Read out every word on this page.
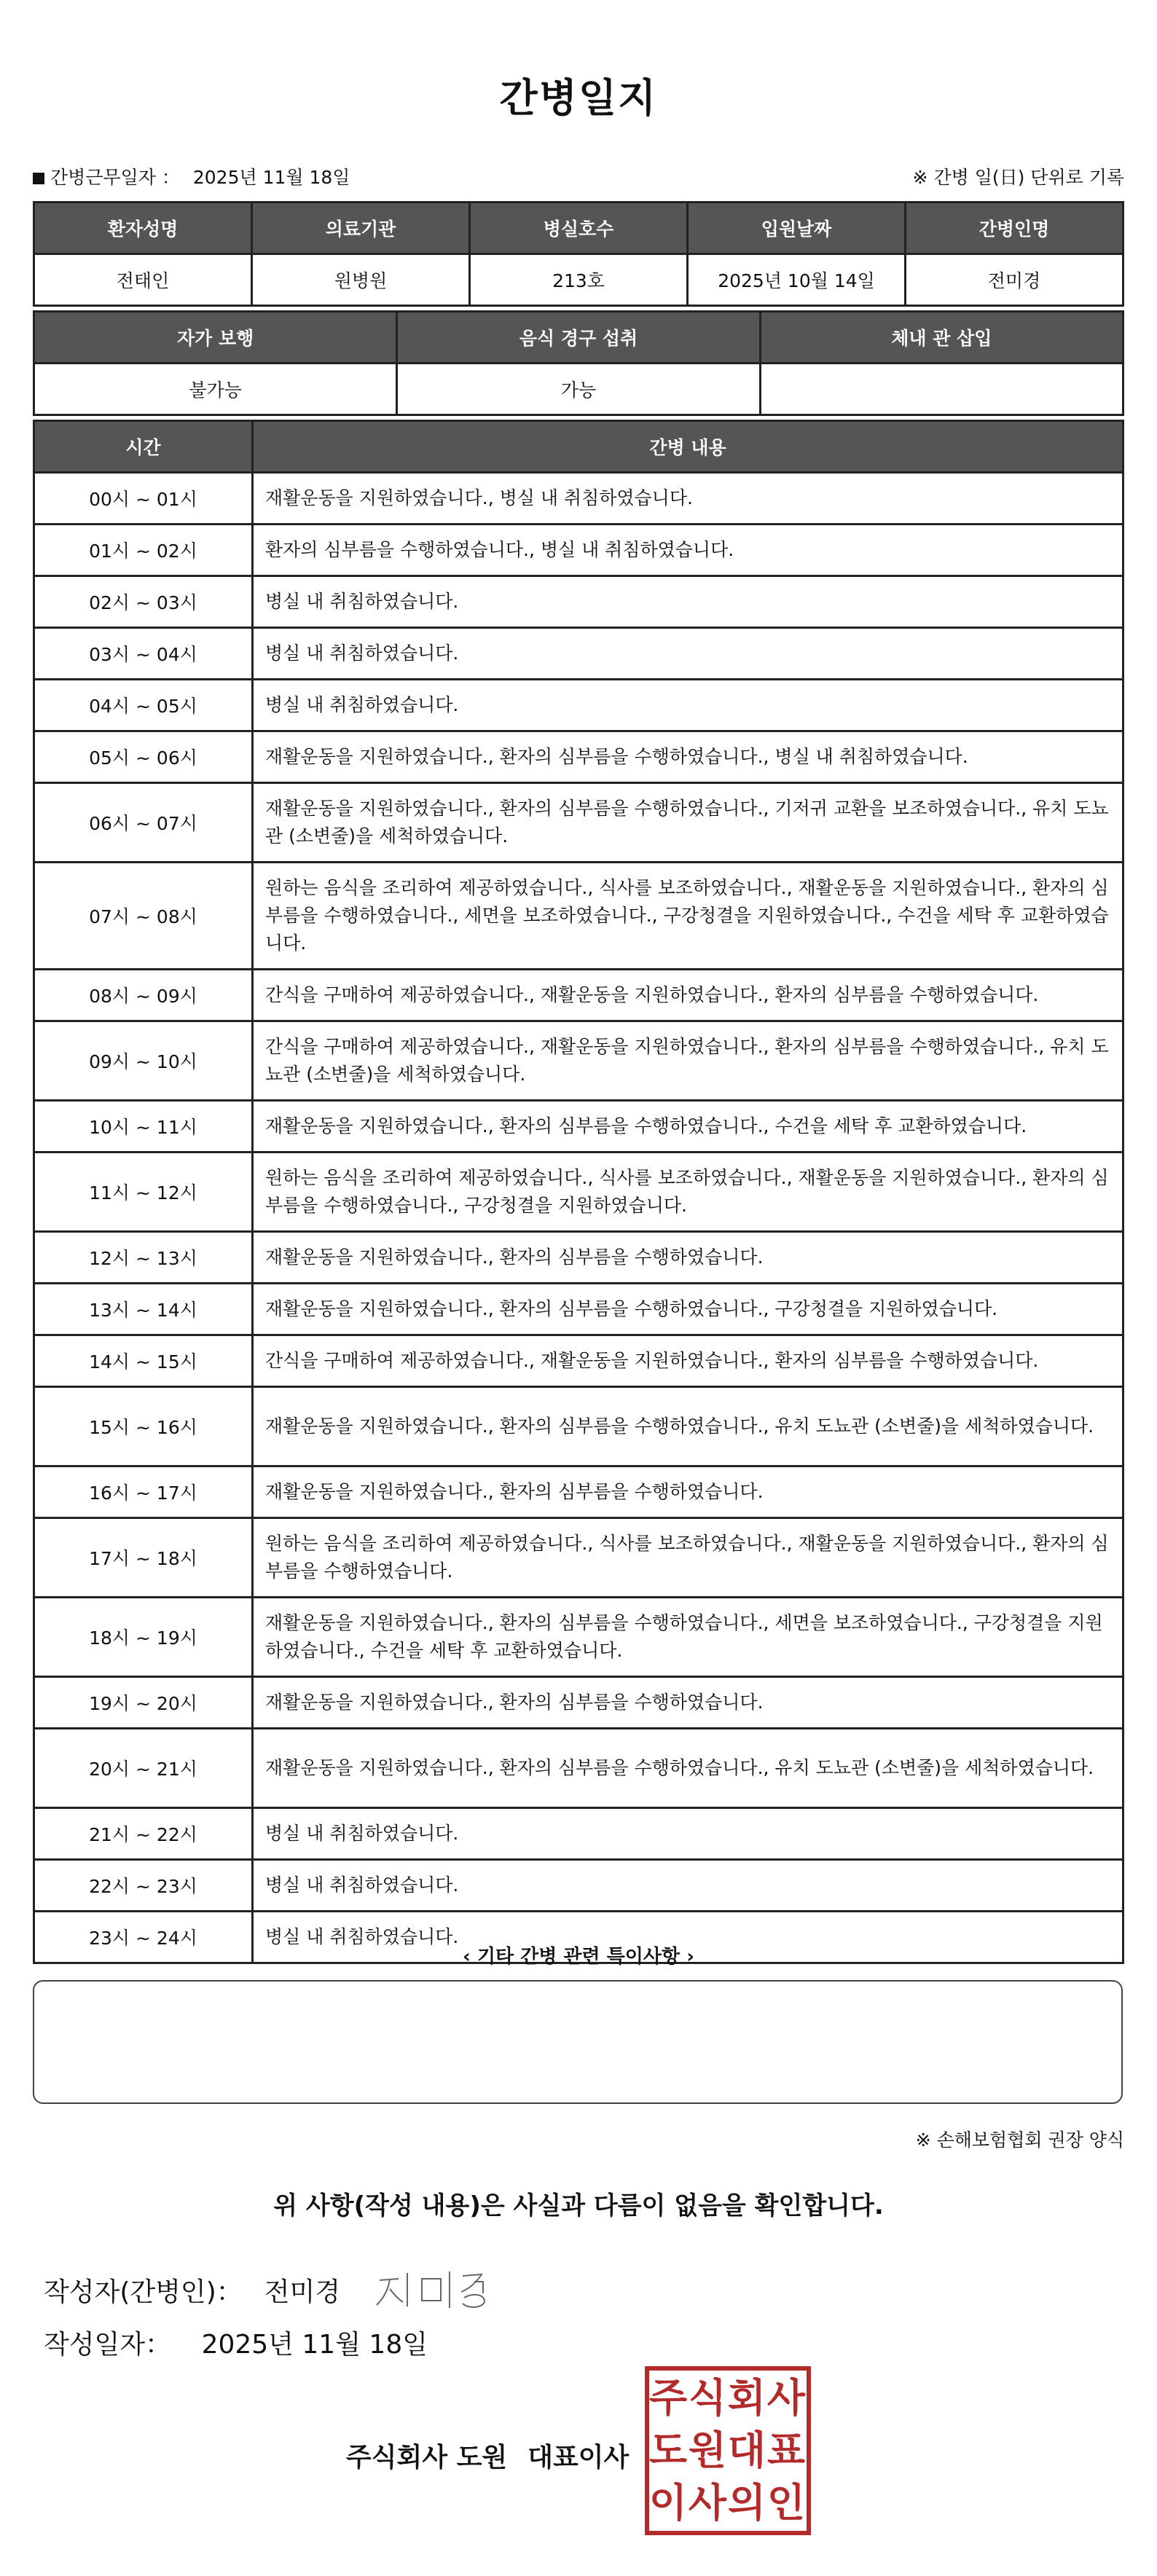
간병일지
간병근무일자 ： 2025년 11월 18일	※ 간병 일(日) 단위로 기록
환자성명	의료기관	병실호수	입원날짜	간병인명
전태인	원병원	213호	2025년 10월 14일	전미경
자가 보행	음식 경구 섭취	체내 관 삽입
불가능	가능	
시간	간병 내용
00시 ~ 01시	재활운동을 지원하였습니다., 병실 내 취침하였습니다.
01시 ~ 02시	환자의 심부름을 수행하였습니다., 병실 내 취침하였습니다.
02시 ~ 03시	병실 내 취침하였습니다.
03시 ~ 04시	병실 내 취침하였습니다.
04시 ~ 05시	병실 내 취침하였습니다.
05시 ~ 06시	재활운동을 지원하였습니다., 환자의 심부름을 수행하였습니다., 병실 내 취침하였습니다.
06시 ~ 07시	재활운동을 지원하였습니다., 환자의 심부름을 수행하였습니다., 기저귀 교환을 보조하였습니다., 유치 도뇨관 (소변줄)을 세척하였습니다.
07시 ~ 08시	원하는 음식을 조리하여 제공하였습니다., 식사를 보조하였습니다., 재활운동을 지원하였습니다., 환자의 심부름을 수행하였습니다., 세면을 보조하였습니다., 구강청결을 지원하였습니다., 수건을 세탁 후 교환하였습니다.
08시 ~ 09시	간식을 구매하여 제공하였습니다., 재활운동을 지원하였습니다., 환자의 심부름을 수행하였습니다.
09시 ~ 10시	간식을 구매하여 제공하였습니다., 재활운동을 지원하였습니다., 환자의 심부름을 수행하였습니다., 유치 도뇨관 (소변줄)을 세척하였습니다.
10시 ~ 11시	재활운동을 지원하였습니다., 환자의 심부름을 수행하였습니다., 수건을 세탁 후 교환하였습니다.
11시 ~ 12시	원하는 음식을 조리하여 제공하였습니다., 식사를 보조하였습니다., 재활운동을 지원하였습니다., 환자의 심부름을 수행하였습니다., 구강청결을 지원하였습니다.
12시 ~ 13시	재활운동을 지원하였습니다., 환자의 심부름을 수행하였습니다.
13시 ~ 14시	재활운동을 지원하였습니다., 환자의 심부름을 수행하였습니다., 구강청결을 지원하였습니다.
14시 ~ 15시	간식을 구매하여 제공하였습니다., 재활운동을 지원하였습니다., 환자의 심부름을 수행하였습니다.
15시 ~ 16시	재활운동을 지원하였습니다., 환자의 심부름을 수행하였습니다., 유치 도뇨관 (소변줄)을 세척하였습니다.
16시 ~ 17시	재활운동을 지원하였습니다., 환자의 심부름을 수행하였습니다.
17시 ~ 18시	원하는 음식을 조리하여 제공하였습니다., 식사를 보조하였습니다., 재활운동을 지원하였습니다., 환자의 심부름을 수행하였습니다.
18시 ~ 19시	재활운동을 지원하였습니다., 환자의 심부름을 수행하였습니다., 세면을 보조하였습니다., 구강청결을 지원하였습니다., 수건을 세탁 후 교환하였습니다.
19시 ~ 20시	재활운동을 지원하였습니다., 환자의 심부름을 수행하였습니다.
20시 ~ 21시	재활운동을 지원하였습니다., 환자의 심부름을 수행하였습니다., 유치 도뇨관 (소변줄)을 세척하였습니다.
21시 ~ 22시	병실 내 취침하였습니다.
22시 ~ 23시	병실 내 취침하였습니다.
23시 ~ 24시	병실 내 취침하였습니다.
‹ 기타 간병 관련 특이사항 ›
※ 손해보험협회 권장 양식
위 사항(작성 내용)은 사실과 다름이 없음을 확인합니다.
작성자(간병인)： 전미경
작성일자： 2025년 11월 18일
주식회사 도원 대표이사
주 식 회 사
도 원 대 표
이 사 의 인
